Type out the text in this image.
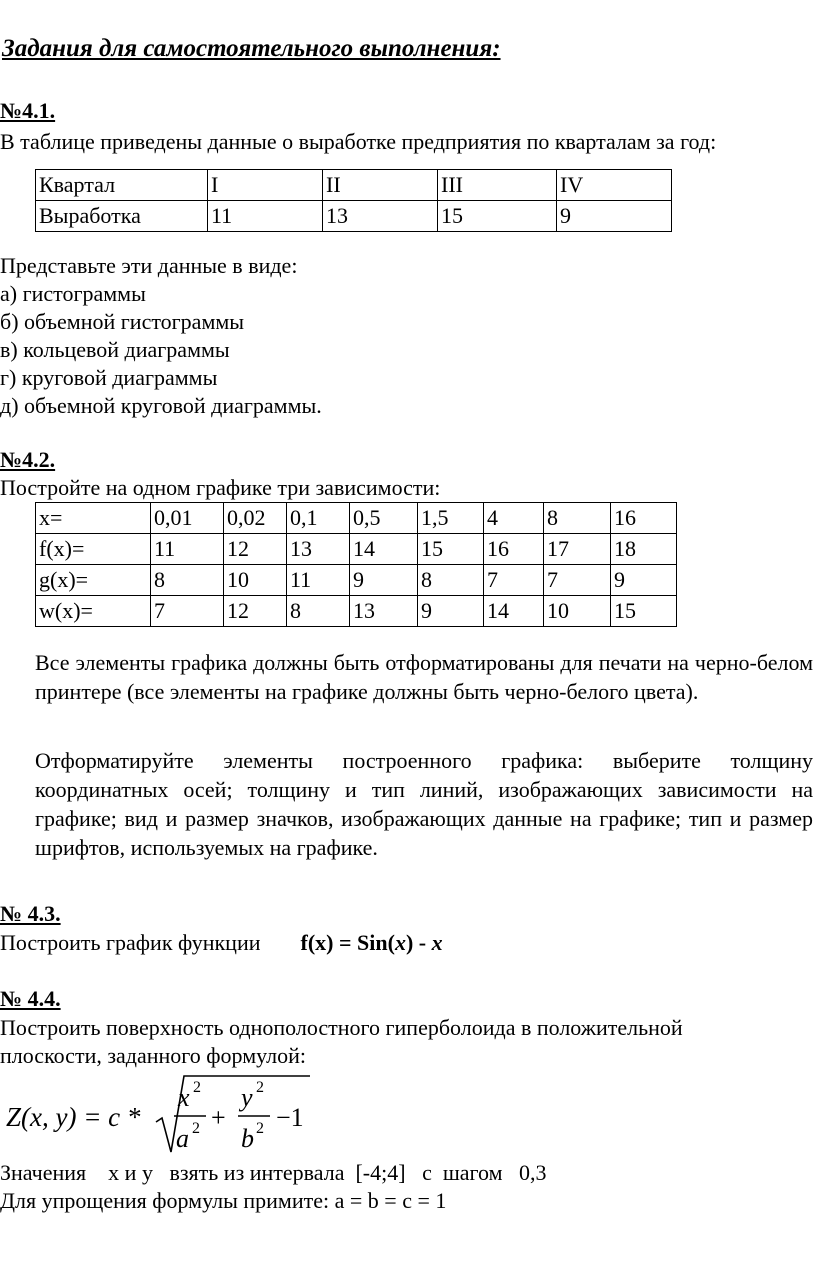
Задания для самостоятельного выполнения:
№4.1.
В таблице приведены данные о выработке предприятия по кварталам за год:
Квартал	I	II	III	IV
Выработка	11	13	15	9
Представьте эти данные в виде:
а) гистограммы
б) объемной гистограммы
в) кольцевой диаграммы
г) круговой диаграммы
д) объемной круговой диаграммы.
№4.2.
Постройте на одном графике три зависимости:
x=	0,01	0,02	0,1	0,5	1,5	4	8	16
f(x)=	11	12	13	14	15	16	17	18
g(x)=	8	10	11	9	8	7	7	9
w(x)=	7	12	8	13	9	14	10	15
Все элементы графика должны быть отформатированы для печати на черно-белом принтере (все элементы на графике должны быть черно-белого цвета).
Отформатируйте элементы построенного графика: выберите толщину координатных осей; толщину и тип линий, изображающих зависимости на графике; вид и размер значков, изображающих данные на графике; тип и размер шрифтов, используемых на графике.
№ 4.3.
Построить график функции f(x) = Sin(x) - x
№ 4.4.
Построить поверхность однополостного гиперболоида в положительной
плоскости, заданного формулой:
Z(x, y) = c *
x 2
a 2 +
y 2
b 2 −1
Значения    x и y   взять из интервала  [-4;4]   с  шагом   0,3
Для упрощения формулы примите: a = b = c = 1
